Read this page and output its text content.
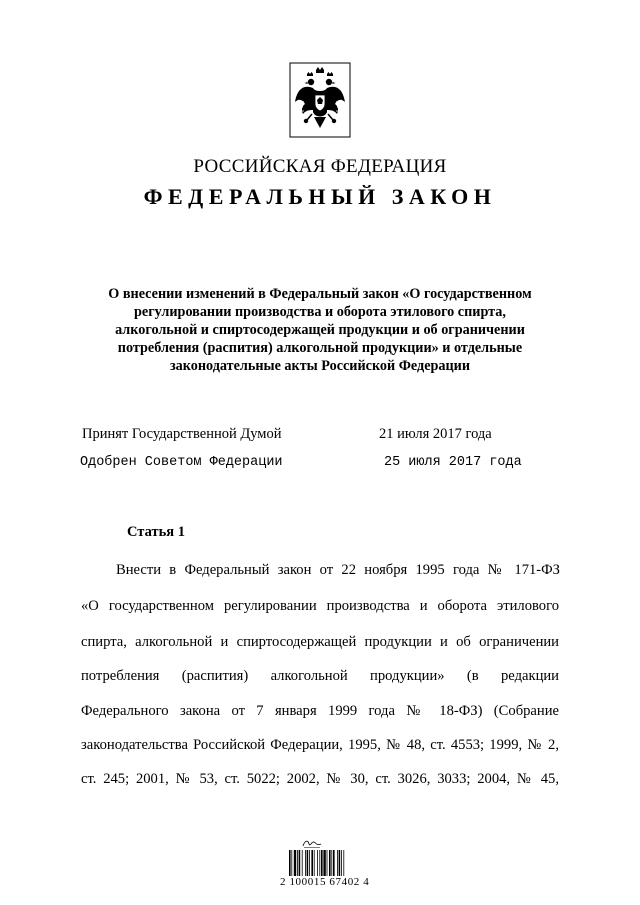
РОССИЙСКАЯ ФЕДЕРАЦИЯ
ФЕДЕРАЛЬНЫЙ ЗАКОН
О внесении изменений в Федеральный закон «О государственном
регулировании производства и оборота этилового спирта,
алкогольной и спиртосодержащей продукции и об ограничении
потребления (распития) алкогольной продукции» и отдельные
законодательные акты Российской Федерации
Принят Государственной Думой	21 июля 2017 года
Одобрен Советом Федерации	25 июля 2017 года
Статья 1
Внести в Федеральный закон от 22 ноября 1995 года № 171-ФЗ
«О государственном регулировании производства и оборота этилового
спирта, алкогольной и спиртосодержащей продукции и об ограничении
потребления (распития) алкогольной продукции» (в редакции
Федерального закона от 7 января 1999 года № 18-ФЗ) (Собрание
законодательства Российской Федерации, 1995, № 48, ст. 4553; 1999, № 2,
ст. 245; 2001, № 53, ст. 5022; 2002, № 30, ст. 3026, 3033; 2004, № 45,
2 100015 67402 4
